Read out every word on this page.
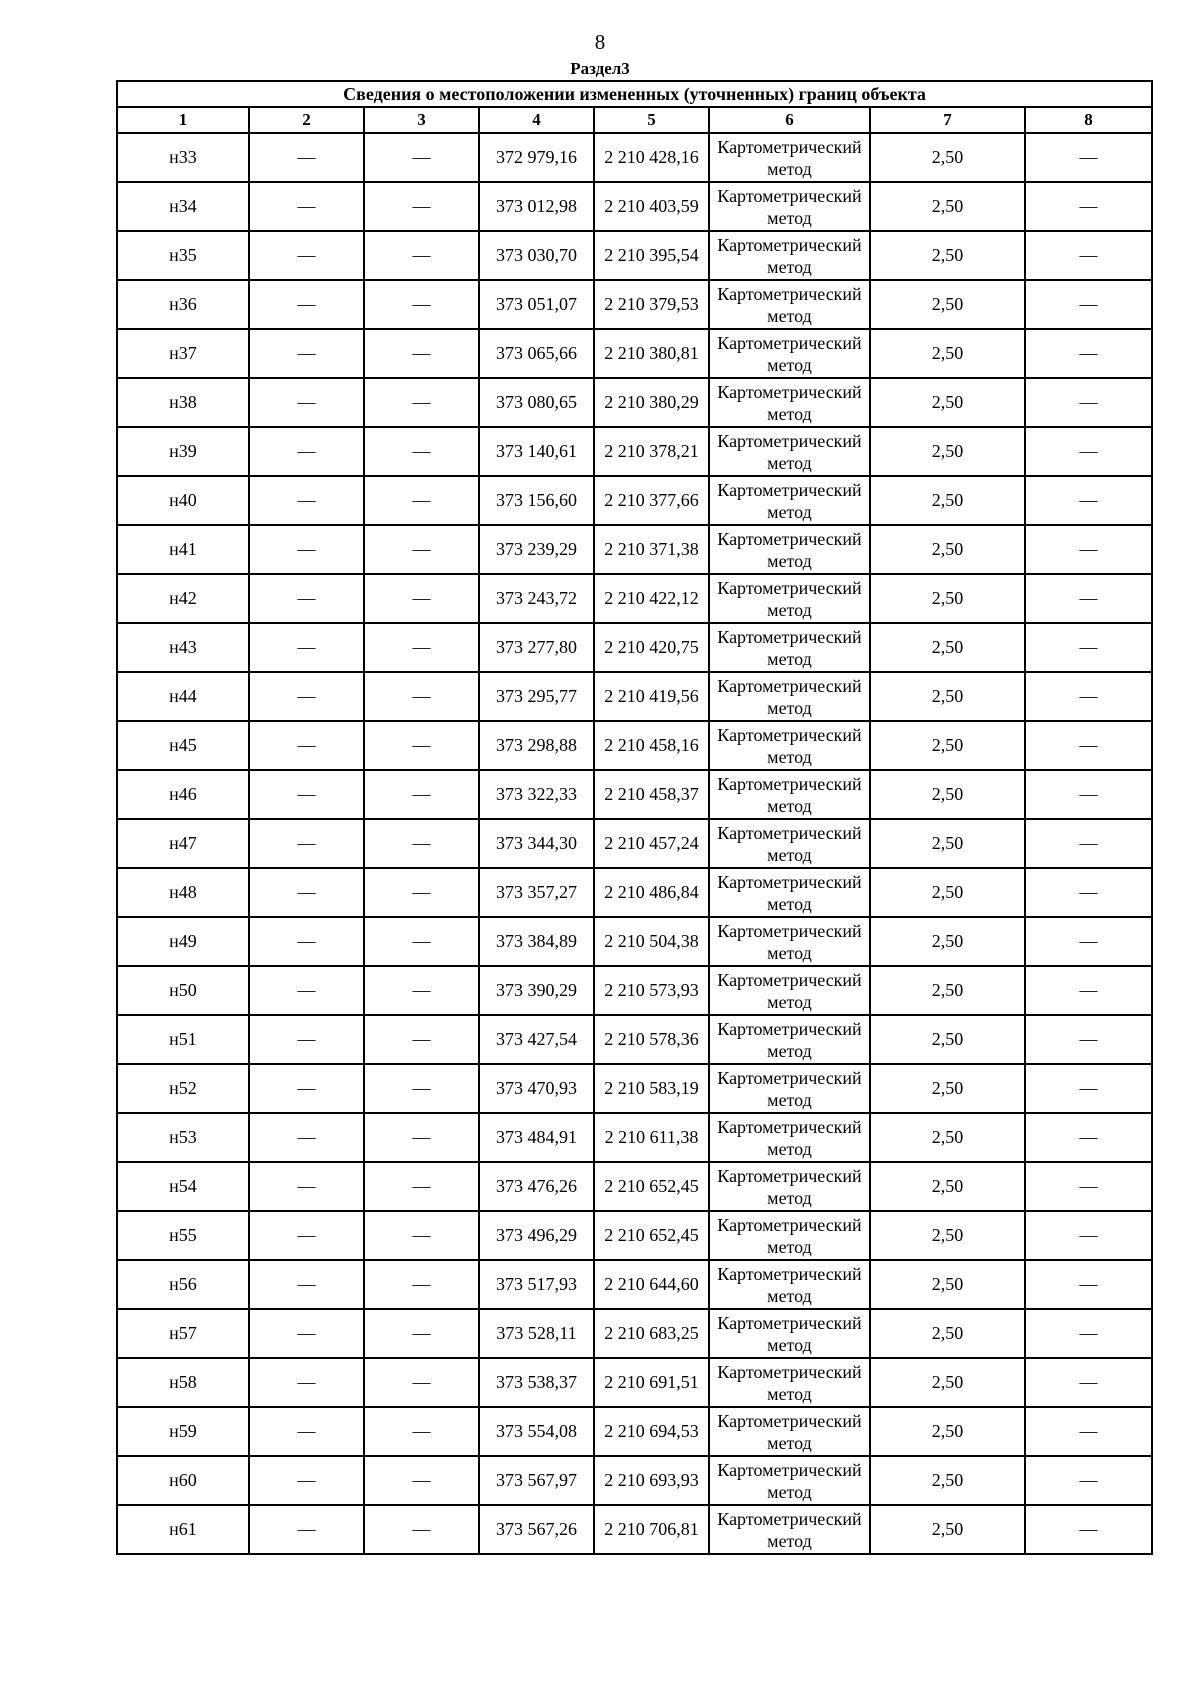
8
Раздел3
Сведения о местоположении измененных (уточненных) границ объекта							
1	2	3	4	5	6	7	8
н33	—	—	372 979,16	2 210 428,16	Картометрический метод	2,50	—
н34	—	—	373 012,98	2 210 403,59	Картометрический метод	2,50	—
н35	—	—	373 030,70	2 210 395,54	Картометрический метод	2,50	—
н36	—	—	373 051,07	2 210 379,53	Картометрический метод	2,50	—
н37	—	—	373 065,66	2 210 380,81	Картометрический метод	2,50	—
н38	—	—	373 080,65	2 210 380,29	Картометрический метод	2,50	—
н39	—	—	373 140,61	2 210 378,21	Картометрический метод	2,50	—
н40	—	—	373 156,60	2 210 377,66	Картометрический метод	2,50	—
н41	—	—	373 239,29	2 210 371,38	Картометрический метод	2,50	—
н42	—	—	373 243,72	2 210 422,12	Картометрический метод	2,50	—
н43	—	—	373 277,80	2 210 420,75	Картометрический метод	2,50	—
н44	—	—	373 295,77	2 210 419,56	Картометрический метод	2,50	—
н45	—	—	373 298,88	2 210 458,16	Картометрический метод	2,50	—
н46	—	—	373 322,33	2 210 458,37	Картометрический метод	2,50	—
н47	—	—	373 344,30	2 210 457,24	Картометрический метод	2,50	—
н48	—	—	373 357,27	2 210 486,84	Картометрический метод	2,50	—
н49	—	—	373 384,89	2 210 504,38	Картометрический метод	2,50	—
н50	—	—	373 390,29	2 210 573,93	Картометрический метод	2,50	—
н51	—	—	373 427,54	2 210 578,36	Картометрический метод	2,50	—
н52	—	—	373 470,93	2 210 583,19	Картометрический метод	2,50	—
н53	—	—	373 484,91	2 210 611,38	Картометрический метод	2,50	—
н54	—	—	373 476,26	2 210 652,45	Картометрический метод	2,50	—
н55	—	—	373 496,29	2 210 652,45	Картометрический метод	2,50	—
н56	—	—	373 517,93	2 210 644,60	Картометрический метод	2,50	—
н57	—	—	373 528,11	2 210 683,25	Картометрический метод	2,50	—
н58	—	—	373 538,37	2 210 691,51	Картометрический метод	2,50	—
н59	—	—	373 554,08	2 210 694,53	Картометрический метод	2,50	—
н60	—	—	373 567,97	2 210 693,93	Картометрический метод	2,50	—
н61	—	—	373 567,26	2 210 706,81	Картометрический метод	2,50	—
